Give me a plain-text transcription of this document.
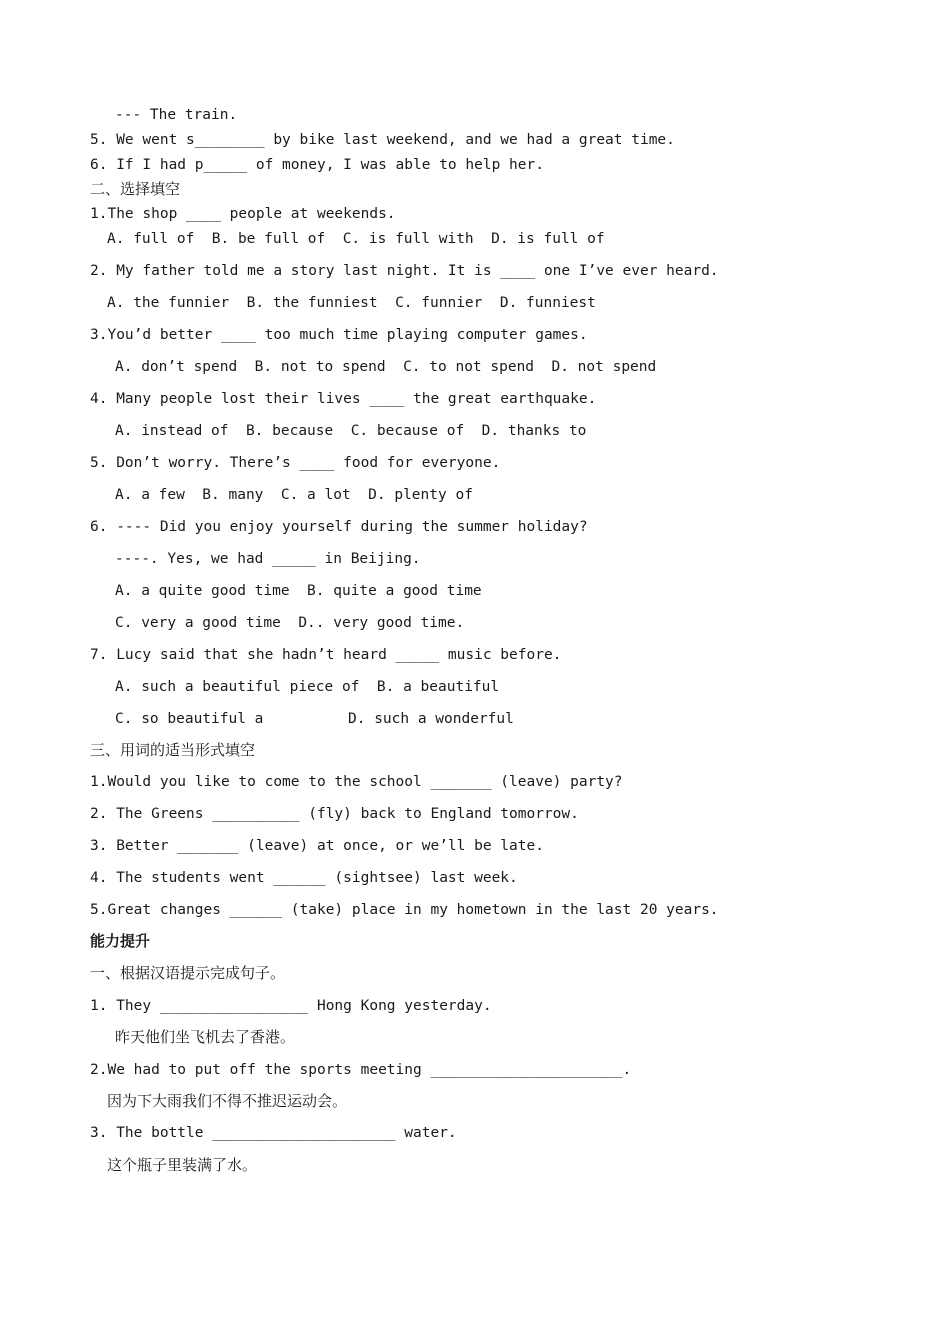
--- The train.
5. We went s________ by bike last weekend, and we had a great time.
6. If I had p_____ of money, I was able to help her.
二、选择填空
1.The shop ____ people at weekends.
A. full of  B. be full of  C. is full with  D. is full of
2. My father told me a story last night. It is ____ one I’ve ever heard.
A. the funnier  B. the funniest  C. funnier  D. funniest
3.You’d better ____ too much time playing computer games.
A. don’t spend  B. not to spend  C. to not spend  D. not spend
4. Many people lost their lives ____ the great earthquake.
A. instead of  B. because  C. because of  D. thanks to
5. Don’t worry. There’s ____ food for everyone.
A. a few  B. many  C. a lot  D. plenty of
6. ---- Did you enjoy yourself during the summer holiday?
----. Yes, we had _____ in Beijing.
A. a quite good time  B. quite a good time
C. very a good time  D.. very good time.
7. Lucy said that she hadn’t heard _____ music before.
A. such a beautiful piece of  B. a beautiful
C. so beautiful a	D. such a wonderful
三、用词的适当形式填空
1.Would you like to come to the school _______ (leave) party?
2. The Greens __________ (fly) back to England tomorrow.
3. Better _______ (leave) at once, or we’ll be late.
4. The students went ______ (sightsee) last week.
5.Great changes ______ (take) place in my hometown in the last 20 years.
能力提升
一、根据汉语提示完成句子。
1. They _________________ Hong Kong yesterday.
昨天他们坐飞机去了香港。
2.We had to put off the sports meeting ______________________.
因为下大雨我们不得不推迟运动会。
3. The bottle _____________________ water.
这个瓶子里装满了水。
